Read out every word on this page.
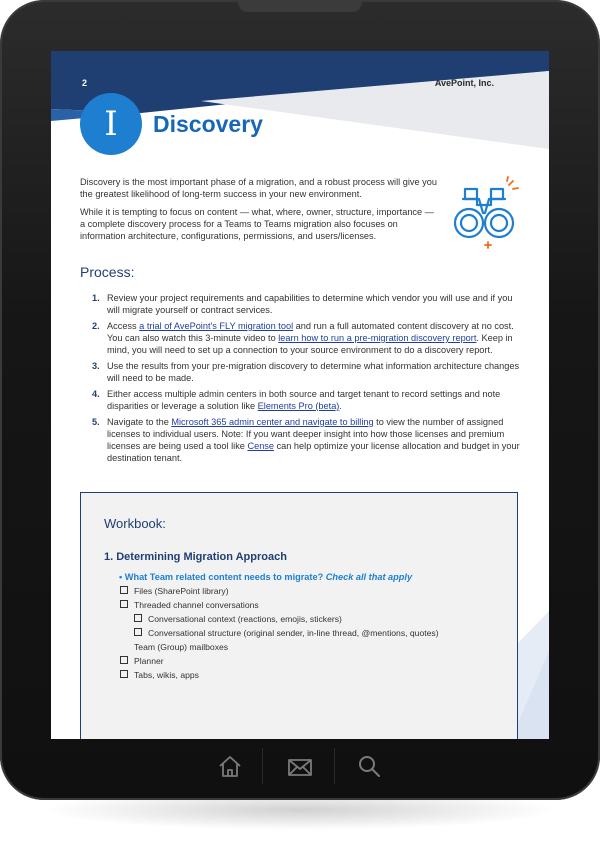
2	AvePoint, Inc.
I	Discovery

Discovery is the most important phase of a migration, and a robust process will give you the greatest likelihood of long-term success in your new environment.

While it is tempting to focus on content — what, where, owner, structure, importance — a complete discovery process for a Teams to Teams migration also focuses on information architecture, configurations, permissions, and users/licenses.

Process:
1. Review your project requirements and capabilities to determine which vendor you will use and if you will migrate yourself or contract services.
2. Access a trial of AvePoint's FLY migration tool and run a full automated content discovery at no cost. You can also watch this 3-minute video to learn how to run a pre-migration discovery report. Keep in mind, you will need to set up a connection to your source environment to do a discovery report.
3. Use the results from your pre-migration discovery to determine what information architecture changes will need to be made.
4. Either access multiple admin centers in both source and target tenant to record settings and note disparities or leverage a solution like Elements Pro (beta).
5. Navigate to the Microsoft 365 admin center and navigate to billing to view the number of assigned licenses to individual users. Note: If you want deeper insight into how those licenses and premium licenses are being used a tool like Cense can help optimize your license allocation and budget in your destination tenant.
Workbook:
1. Determining Migration Approach
• What Team related content needs to migrate? Check all that apply
Files (SharePoint library)
Threaded channel conversations
Conversational context (reactions, emojis, stickers)
Conversational structure (original sender, in-line thread, @mentions, quotes)
Team (Group) mailboxes
Planner
Tabs, wikis, apps
